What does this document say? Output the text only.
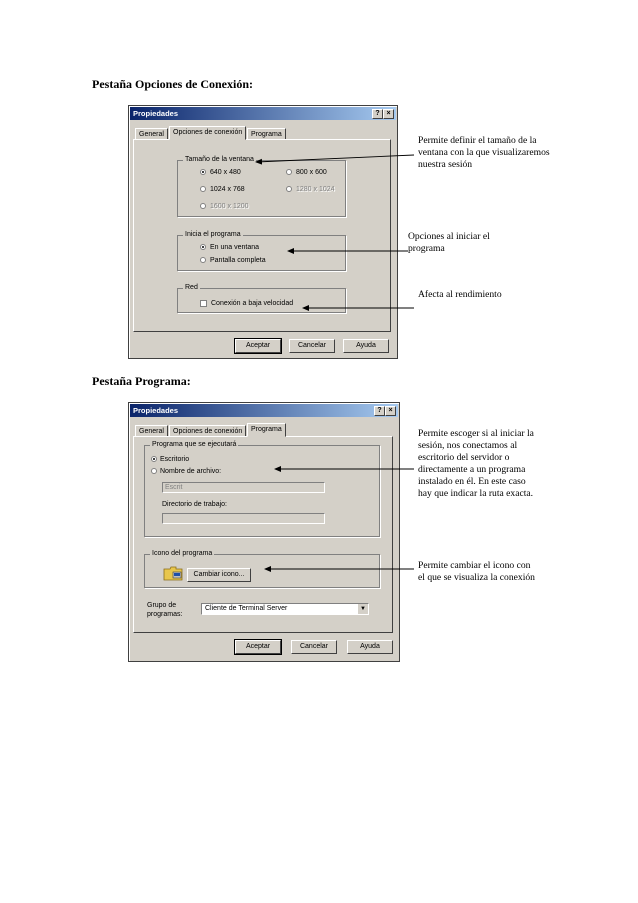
Pestaña Opciones de Conexión:
Pestaña Programa:
Propiedades	? ×
General	Opciones de conexión	Programa
Tamaño de la ventana
640 x 480	800 x 600
1024 x 768	1280 x 1024
1600 x 1200
Inicia el programa
En una ventana
Pantalla completa
Red
Conexión a baja velocidad
Aceptar	Cancelar	Ayuda
Propiedades	? ×
General	Opciones de conexión	Programa
Programa que se ejecutará
Escritorio
Nombre de archivo:
Escrit
Directorio de trabajo:
Icono del programa
Cambiar icono...
Grupo de
programas:
Cliente de Terminal Server	▼
Aceptar	Cancelar	Ayuda
Permite definir el tamaño de la ventana con la que visualizaremos nuestra sesión
Opciones al iniciar el programa
Afecta al rendimiento
Permite escoger si al iniciar la sesión, nos conectamos al escritorio del servidor o directamente a un programa instalado en él. En este caso hay que indicar la ruta exacta.
Permite cambiar el icono con el que se visualiza la conexión
